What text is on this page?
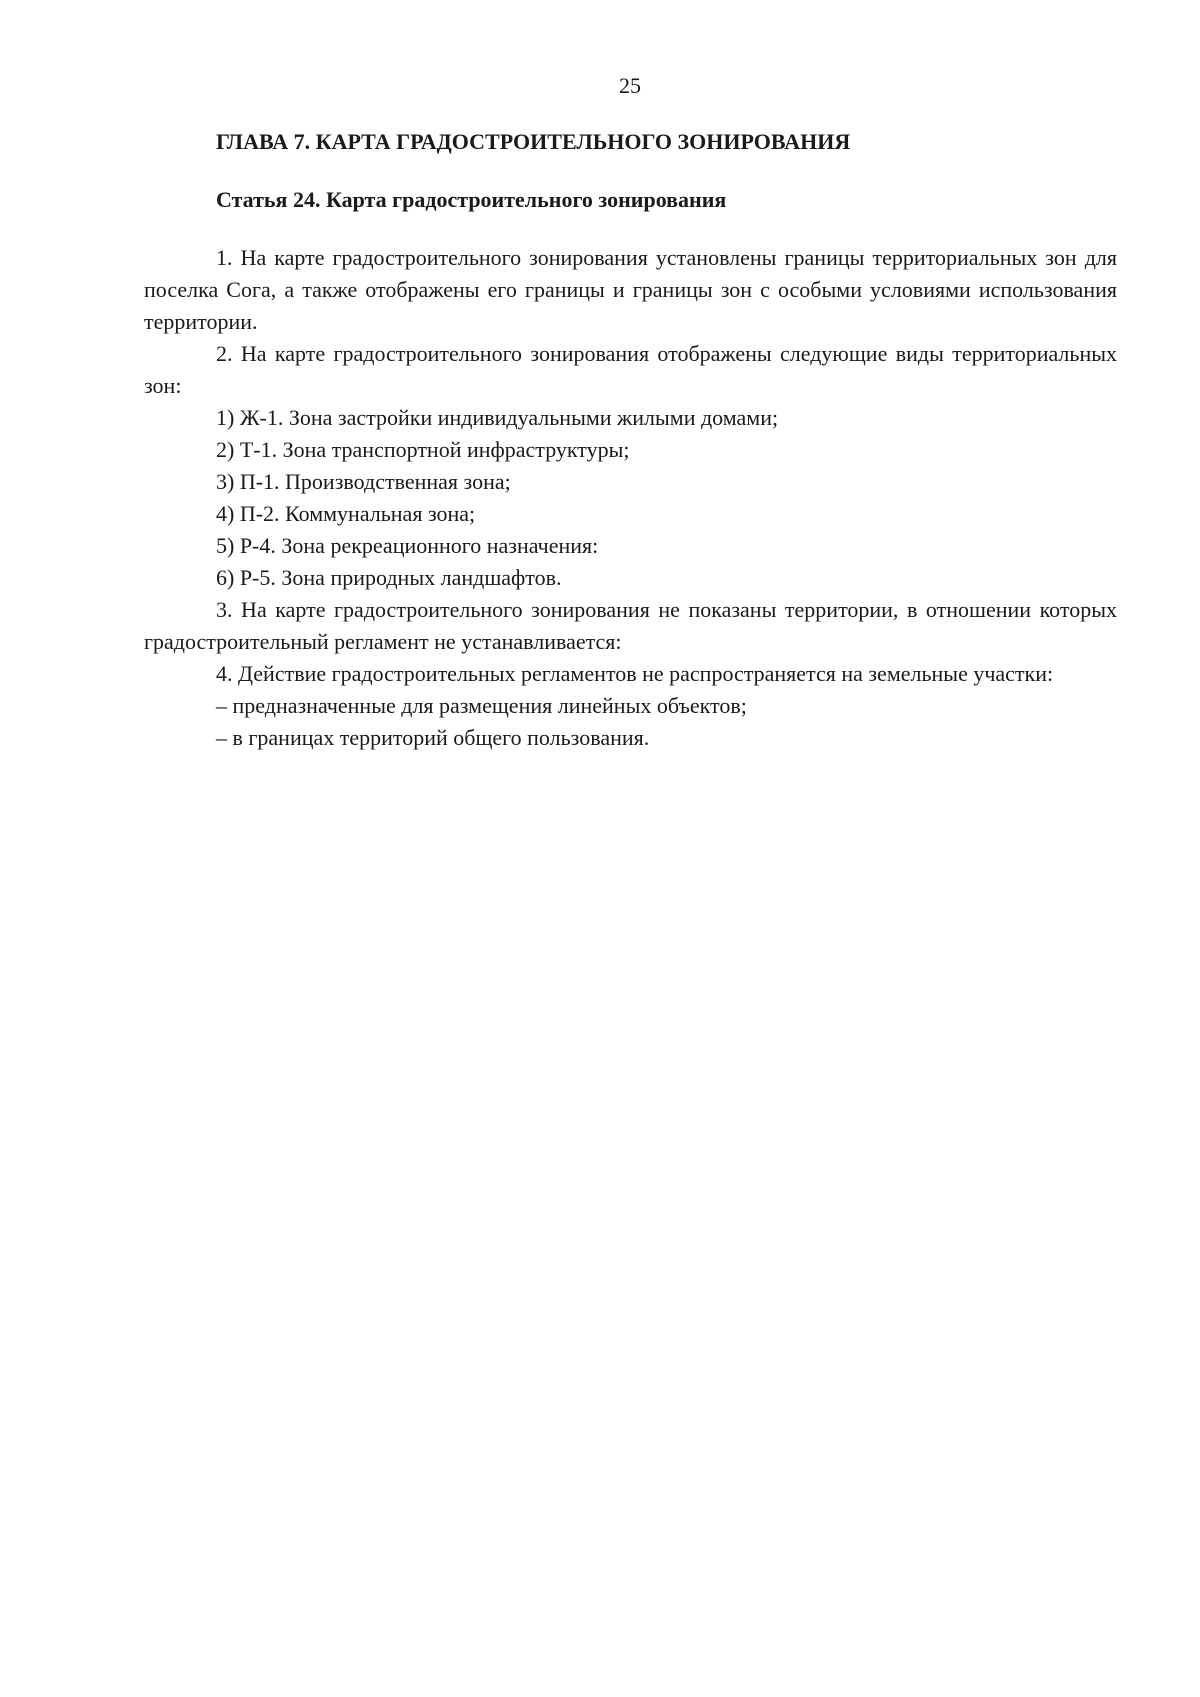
25
ГЛАВА 7. КАРТА ГРАДОСТРОИТЕЛЬНОГО ЗОНИРОВАНИЯ
Статья 24. Карта градостроительного зонирования

1. На карте градостроительного зонирования установлены границы территориальных зон для поселка Сога, а также отображены его границы и границы зон с особыми условиями использования территории.

2. На карте градостроительного зонирования отображены следующие виды территориальных зон:

1) Ж-1. Зона застройки индивидуальными жилыми домами;

2) Т-1. Зона транспортной инфраструктуры;

3) П-1. Производственная зона;

4) П-2. Коммунальная зона;

5) Р-4. Зона рекреационного назначения:

6) Р-5. Зона природных ландшафтов.

3. На карте градостроительного зонирования не показаны территории, в отношении которых градостроительный регламент не устанавливается:

4. Действие градостроительных регламентов не распространяется на земельные участки:

– предназначенные для размещения линейных объектов;

– в границах территорий общего пользования.
